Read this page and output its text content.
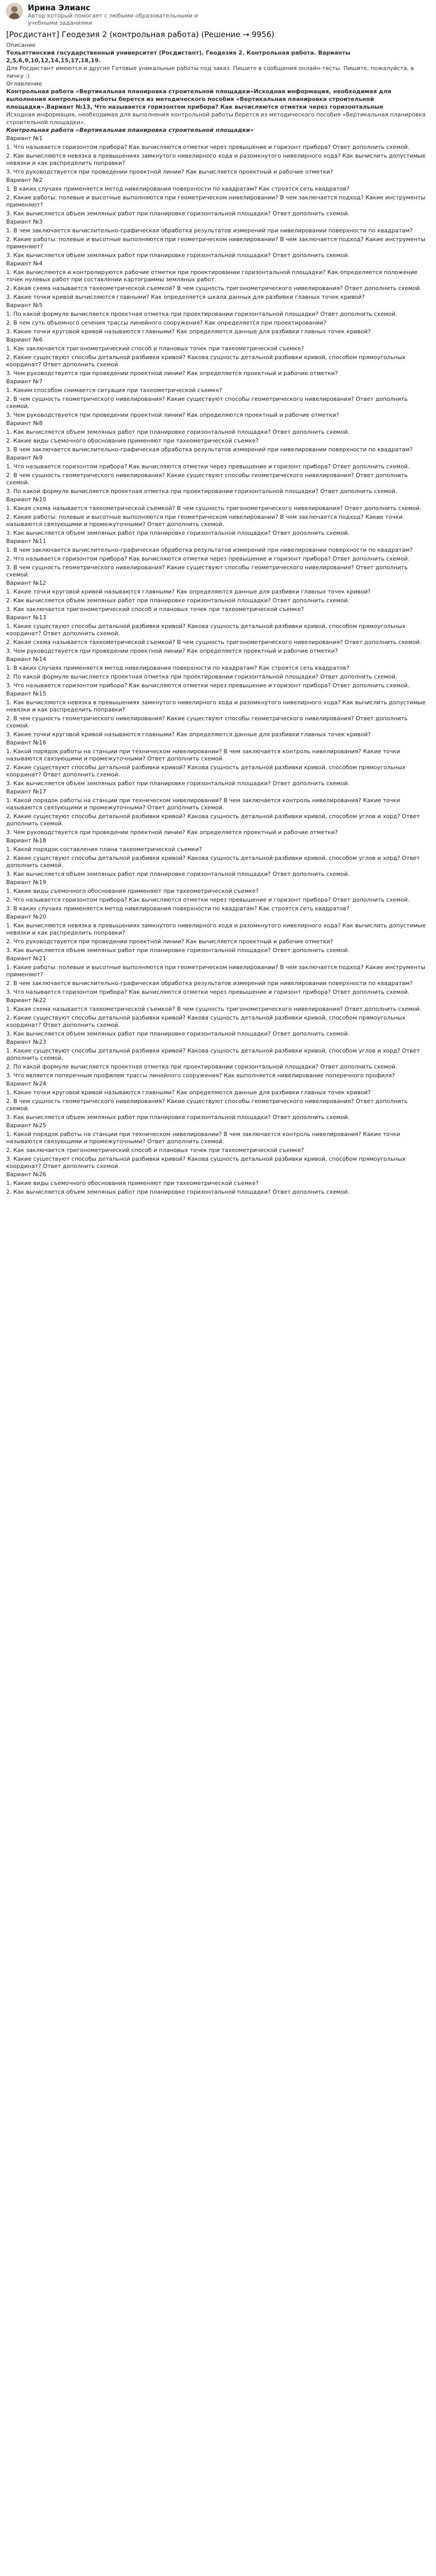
Ирина Элианс
Автор который помогает с любыми образовательными и учебными заданиями
[Росдистант] Геодезия 2 (контрольная работа) (Решение → 9956)
Описание
Тольяттинский государственный университет (Росдистант). Геодезия 2. Контрольная работа. Варианты 2,5,6,9,10,12,14,15,17,18,19.
Для Росдистант имеются и другие Готовые уникальные работы под заказ. Пишите в сообщения онлайн-тесты. Пишите, пожалуйста, в личку :)
Оглавление
Контрольная работа «Вертикальная планировка строительной площадки»Исходная информация, необходимая для выполнения контрольной работы берется из методического пособия «Вертикальная планировка строительной площадки».Вариант №13, Что называется горизонтом прибора? Как вычисляются отметки через горизонтальные
Исходная информация, необходимая для выполнения контрольной работы берется из методического пособия «Вертикальная планировка строительной площадки».
Контрольная работа «Вертикальная планировка строительной площадки»
Вариант №1
1. Что называется горизонтом прибора? Как вычисляются отметки через превышение и горизонт прибора? Ответ дополнить схемой.
2. Как вычисляются невязка в превышениях замкнутого нивелирного хода и разомкнутого нивелирного хода? Как вычислить допустимые невязки и как распределить поправки?
3. Что руководствуется при проведении проектной линии? Как вычисляется проектный и рабочие отметки?
Вариант №2
1. В каких случаях применяется метод нивелирования поверхности по квадратам? Как строятся сеть квадратов?
2. Какие работы: полевые и высотные выполняются при геометрическом нивелировании? В чем заключается подход? Какие инструменты применяют?
3. Как вычисляется объем земляных работ при планировке горизонтальной площадки? Ответ дополнить схемой.
Вариант №3
1. В чем заключается вычислительно-графическая обработка результатов измерений при нивелировании поверхности по квадратам?
2. Какие работы: полевые и высотные выполняются при геометрическом нивелировании? В чем заключается подход? Какие инструменты применяют?
3. Как вычисляется объем земляных работ при планировке горизонтальной площадки? Ответ дополнить схемой.
Вариант №4
1. Как вычисляются и контролируются рабочие отметки при проектировании горизонтальной площадки? Как определяется положение точек нулевых работ при составлении картограммы земляных работ.
2. Какая схема называется тахеометрической съемкой? В чем сущность тригонометрического нивелирования? Ответ дополнить схемой.
3. Какие точки кривой вычисляются главными? Как определяется шкала данных для разбивки главных точек кривой?
Вариант №5
1. По какой формуле вычисляется проектная отметка при проектировании горизонтальной площадки? Ответ дополнить схемой.
2. В чем суть объемного сечения трассы линейного сооружения? Как определяется при проектировании?
3. Какие точки круговой кривой называются главными? Как определяются данные для разбивки главных точек кривой?
Вариант №6
1. Как заключается тригонометрический способ и плановых точек при тахеометрической съемке?
2. Какие существуют способы детальной разбивки кривой? Какова сущность детальной разбивки кривой, способом прямоугольных координат? Ответ дополнить схемой.
3. Чем руководствуется при проведении проектной линии? Как определяется проектный и рабочие отметки?
Вариант №7
1. Каким способом снимается ситуация при тахеометрической съемке?
2. В чем сущность геометрического нивелирования? Какие существуют способы геометрического нивелирования? Ответ дополнить схемой.
3. Чем руководствуется при проведении проектной линии? Как определяются проектный и рабочие отметки?
Вариант №8
1. Как вычисляется объем земляных работ при планировке горизонтальной площадки? Ответ дополнить схемой.
2. Какие виды съемочного обоснования применяют при тахеометрической съемке?
3. В чем заключается вычислительно-графическая обработка результатов измерений при нивелировании поверхности по квадратам?
Вариант №9
1. Что называется горизонтом прибора? Как вычисляются отметки через превышение и горизонт прибора? Ответ дополнить схемой.
2. В чем сущность геометрического нивелирования? Какие существуют способы геометрического нивелирования? Ответ дополнить схемой.
3. По какой формуле вычисляется проектная отметка при проектировании горизонтальной площадки? Ответ дополнить схемой.
Вариант №10
1. Какая схема называется тахеометрической съемкой? В чем сущность тригонометрического нивелирования? Ответ дополнить схемой.
2. Какие работы: полевые и высотные выполняются при геометрическом нивелировании? В чем заключается подход? Какие точки называются связующими и промежуточными? Ответ дополнить схемой.
3. Как вычисляется объем земляных работ при планировке горизонтальной площадки? Ответ дополнить схемой.
Вариант №11
1. В чем заключается вычислительно-графическая обработка результатов измерений при нивелировании поверхности по квадратам?
2. Что называется горизонтом прибора? Как вычисляются отметки через превышение и горизонт прибора? Ответ дополнить схемой.
3. В чем сущность геометрического нивелирования? Какие существуют способы геометрического нивелирования? Ответ дополнить схемой.
Вариант №12
1. Какие точки круговой кривой называются главными? Как определяются данные для разбивки главных точек кривой?
2. Как вычисляется объем земляных работ при планировке горизонтальной площадки? Ответ дополнить схемой.
3. Как заключается тригонометрический способ и плановых точек при тахеометрической съемке?
Вариант №13
1. Какие существуют способы детальной разбивки кривой? Какова сущность детальной разбивки кривой, способом прямоугольных координат? Ответ дополнить схемой.
2. Какая схема называется тахеометрической съемкой? В чем сущность тригонометрического нивелирования? Ответ дополнить схемой.
3. Чем руководствуется при проведении проектной линии? Как определяется проектный и рабочие отметки?
Вариант №14
1. В каких случаях применяется метод нивелирования поверхности по квадратам? Как строятся сеть квадратов?
2. По какой формуле вычисляется проектная отметка при проектировании горизонтальной площадки? Ответ дополнить схемой.
3. Что называется горизонтом прибора? Как вычисляются отметки через превышение и горизонт прибора? Ответ дополнить схемой.
Вариант №15
1. Как вычисляются невязка в превышениях замкнутого нивелирного хода и разомкнутого нивелирного хода? Как вычислить допустимые невязки и как распределить поправки?
2. В чем сущность геометрического нивелирования? Какие существуют способы геометрического нивелирования? Ответ дополнить схемой.
3. Какие точки круговой кривой называются главными? Как определяются данные для разбивки главных точек кривой?
Вариант №16
1. Какой порядок работы на станции при техническом нивелировании? В чем заключается контроль нивелирования? Какие точки называются связующими и промежуточными? Ответ дополнить схемой.
2. Какие существуют способы детальной разбивки кривой? Какова сущность детальной разбивки кривой, способом прямоугольных координат? Ответ дополнить схемой.
3. Как вычисляется объем земляных работ при планировке горизонтальной площадки? Ответ дополнить схемой.
Вариант №17
1. Какой порядок работы на станции при техническом нивелировании? В чем заключается контроль нивелирования? Какие точки называются связующими и промежуточными? Ответ дополнить схемой.
2. Какие существуют способы детальной разбивки кривой? Какова сущность детальной разбивки кривой, способом углов и хорд? Ответ дополнить схемой.
3. Чем руководствуется при проведении проектной линии? Как определяется проектный и рабочие отметки?
Вариант №18
1. Какой порядок составления плана тахеометрической съемки?
2. Какие существуют способы детальной разбивки кривой? Какова сущность детальной разбивки кривой, способом углов и хорд? Ответ дополнить схемой.
3. Как вычисляется объем земляных работ при планировке горизонтальной площадки? Ответ дополнить схемой.
Вариант №19
1. Какие виды съемочного обоснования применяют при тахеометрической съемке?
2. Что называется горизонтом прибора? Как вычисляются отметки через превышение и горизонт прибора? Ответ дополнить схемой.
3. В каких случаях применяется метод нивелирования поверхности по квадратам? Как строятся сеть квадратов?
Вариант №20
1. Как вычисляются невязка в превышениях замкнутого нивелирного хода и разомкнутого нивелирного хода? Как вычислить допустимые невязки и как распределить поправки?
2. Что руководствуется при проведении проектной линии? Как вычисляется проектный и рабочие отметки?
3. Как вычисляется объем земляных работ при планировке горизонтальной площадки? Ответ дополнить схемой.
Вариант №21
1. Какие работы: полевые и высотные выполняются при геометрическом нивелировании? В чем заключается подход? Какие инструменты применяют?
2. В чем заключается вычислительно-графическая обработка результатов измерений при нивелировании поверхности по квадратам?
3. Что называется горизонтом прибора? Как вычисляются отметки через превышение и горизонт прибора? Ответ дополнить схемой.
Вариант №22
1. Какая схема называется тахеометрической съемкой? В чем сущность тригонометрического нивелирования? Ответ дополнить схемой.
2. Какие существуют способы детальной разбивки кривой? Какова сущность детальной разбивки кривой, способом прямоугольных координат? Ответ дополнить схемой.
3. Как вычисляется объем земляных работ при планировке горизонтальной площадки? Ответ дополнить схемой.
Вариант №23
1. Какие существуют способы детальной разбивки кривой? Какова сущность детальной разбивки кривой, способом углов и хорд? Ответ дополнить схемой.
2. По какой формуле вычисляется проектная отметка при проектировании горизонтальной площадки? Ответ дополнить схемой.
3. Что является поперечным профилем трассы линейного сооружения? Как выполняется нивелирование поперечного профиля?
Вариант №24
1. Какие точки круговой кривой называются главными? Как определяются данные для разбивки главных точек кривой?
2. В чем сущность геометрического нивелирования? Какие существуют способы геометрического нивелирования? Ответ дополнить схемой.
3. Как вычисляется объем земляных работ при планировке горизонтальной площадки? Ответ дополнить схемой.
Вариант №25
1. Какой порядок работы на станции при техническом нивелировании? В чем заключается контроль нивелирования? Какие точки называются связующими и промежуточными? Ответ дополнить схемой.
2. Как заключается тригонометрический способ и плановых точек при тахеометрической съемке?
3. Какие существуют способы детальной разбивки кривой? Какова сущность детальной разбивки кривой, способом прямоугольных координат? Ответ дополнить схемой.
Вариант №26
1. Какие виды съемочного обоснования применяют при тахеометрической съемке?
2. Как вычисляется объем земляных работ при планировке горизонтальной площадки? Ответ дополнить схемой.
